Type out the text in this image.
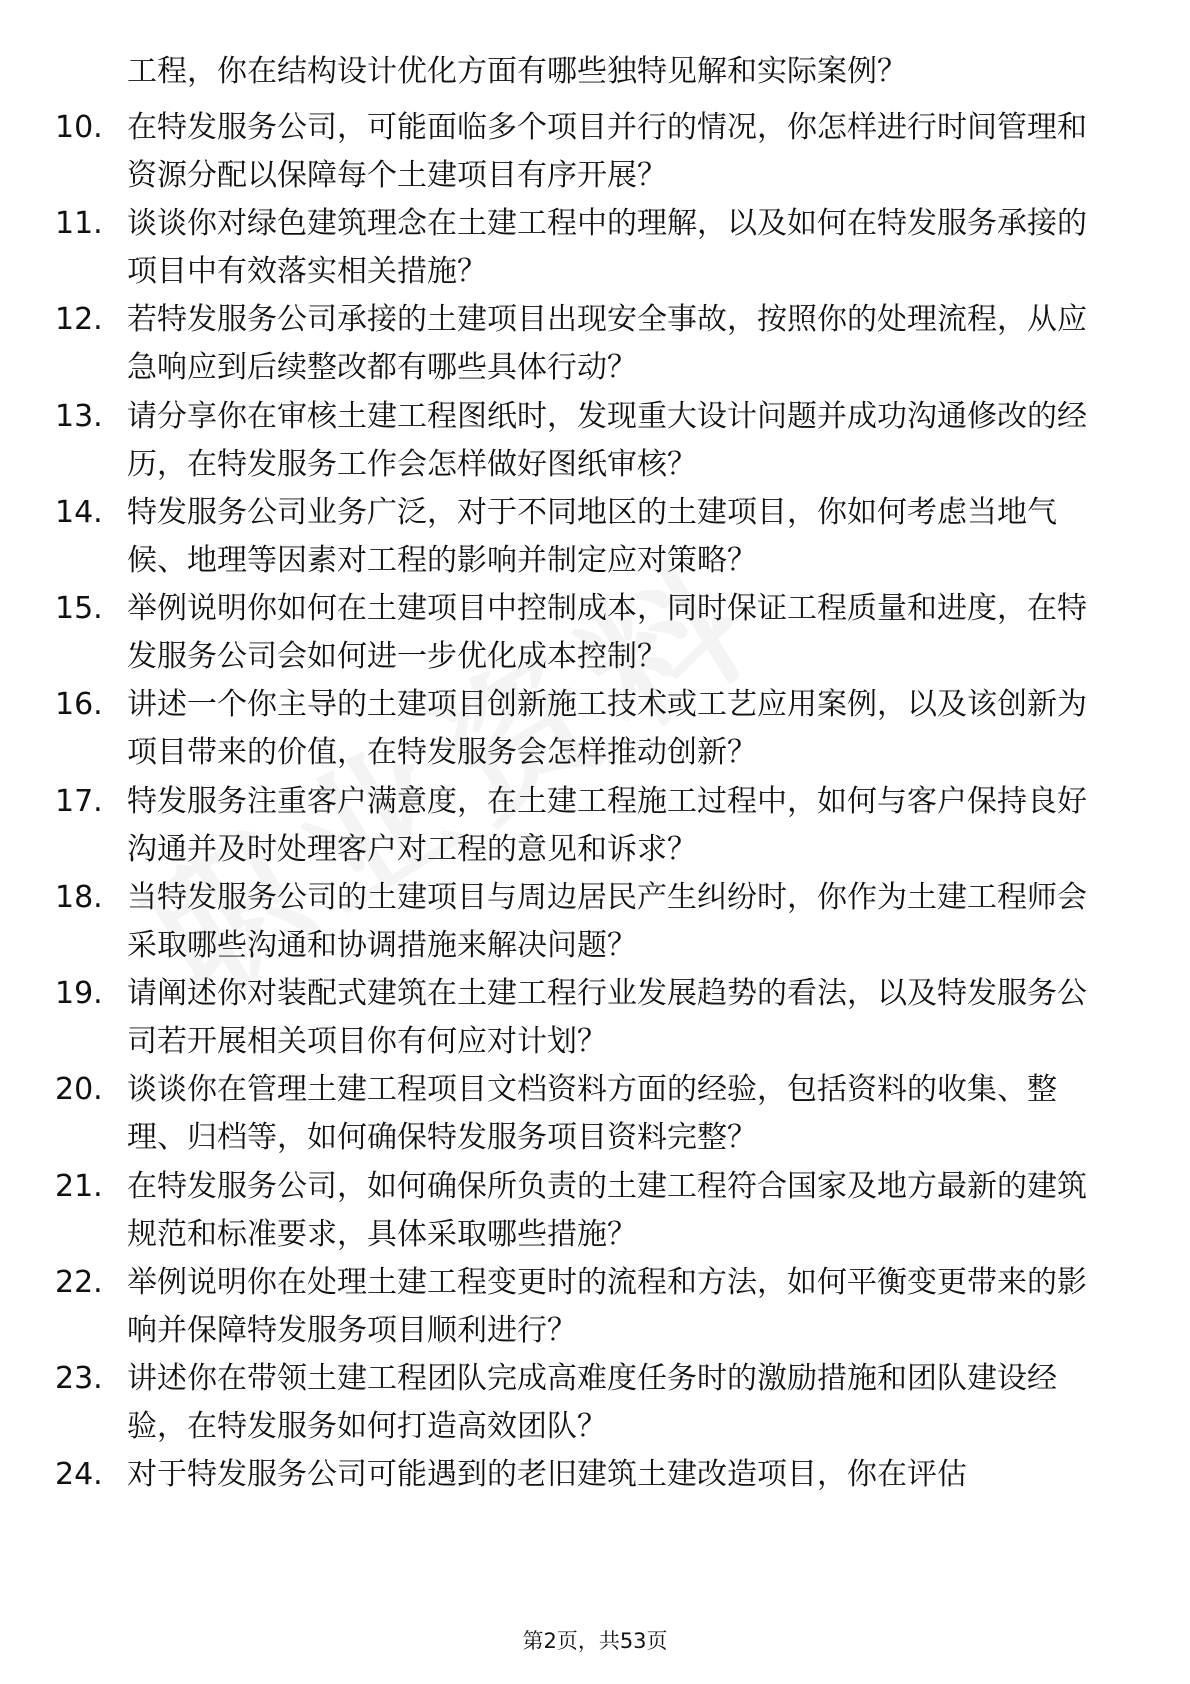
工程，你在结构设计优化方面有哪些独特见解和实际案例？
10. 在特发服务公司，可能面临多个项目并行的情况，你怎样进行时间管理和资源分配以保障每个土建项目有序开展？
11. 谈谈你对绿色建筑理念在土建工程中的理解，以及如何在特发服务承接的项目中有效落实相关措施？
12. 若特发服务公司承接的土建项目出现安全事故，按照你的处理流程，从应急响应到后续整改都有哪些具体行动？
13. 请分享你在审核土建工程图纸时，发现重大设计问题并成功沟通修改的经历，在特发服务工作会怎样做好图纸审核？
14. 特发服务公司业务广泛，对于不同地区的土建项目，你如何考虑当地气候、地理等因素对工程的影响并制定应对策略？
15. 举例说明你如何在土建项目中控制成本，同时保证工程质量和进度，在特发服务公司会如何进一步优化成本控制？
16. 讲述一个你主导的土建项目创新施工技术或工艺应用案例，以及该创新为项目带来的价值，在特发服务会怎样推动创新？
17. 特发服务注重客户满意度，在土建工程施工过程中，如何与客户保持良好沟通并及时处理客户对工程的意见和诉求？
18. 当特发服务公司的土建项目与周边居民产生纠纷时，你作为土建工程师会采取哪些沟通和协调措施来解决问题？
19. 请阐述你对装配式建筑在土建工程行业发展趋势的看法，以及特发服务公司若开展相关项目你有何应对计划？
20. 谈谈你在管理土建工程项目文档资料方面的经验，包括资料的收集、整理、归档等，如何确保特发服务项目资料完整？
21. 在特发服务公司，如何确保所负责的土建工程符合国家及地方最新的建筑规范和标准要求，具体采取哪些措施？
22. 举例说明你在处理土建工程变更时的流程和方法，如何平衡变更带来的影响并保障特发服务项目顺利进行？
23. 讲述你在带领土建工程团队完成高难度任务时的激励措施和团队建设经验，在特发服务如何打造高效团队？
24. 对于特发服务公司可能遇到的老旧建筑土建改造项目，你在评估
第2页，共53页
